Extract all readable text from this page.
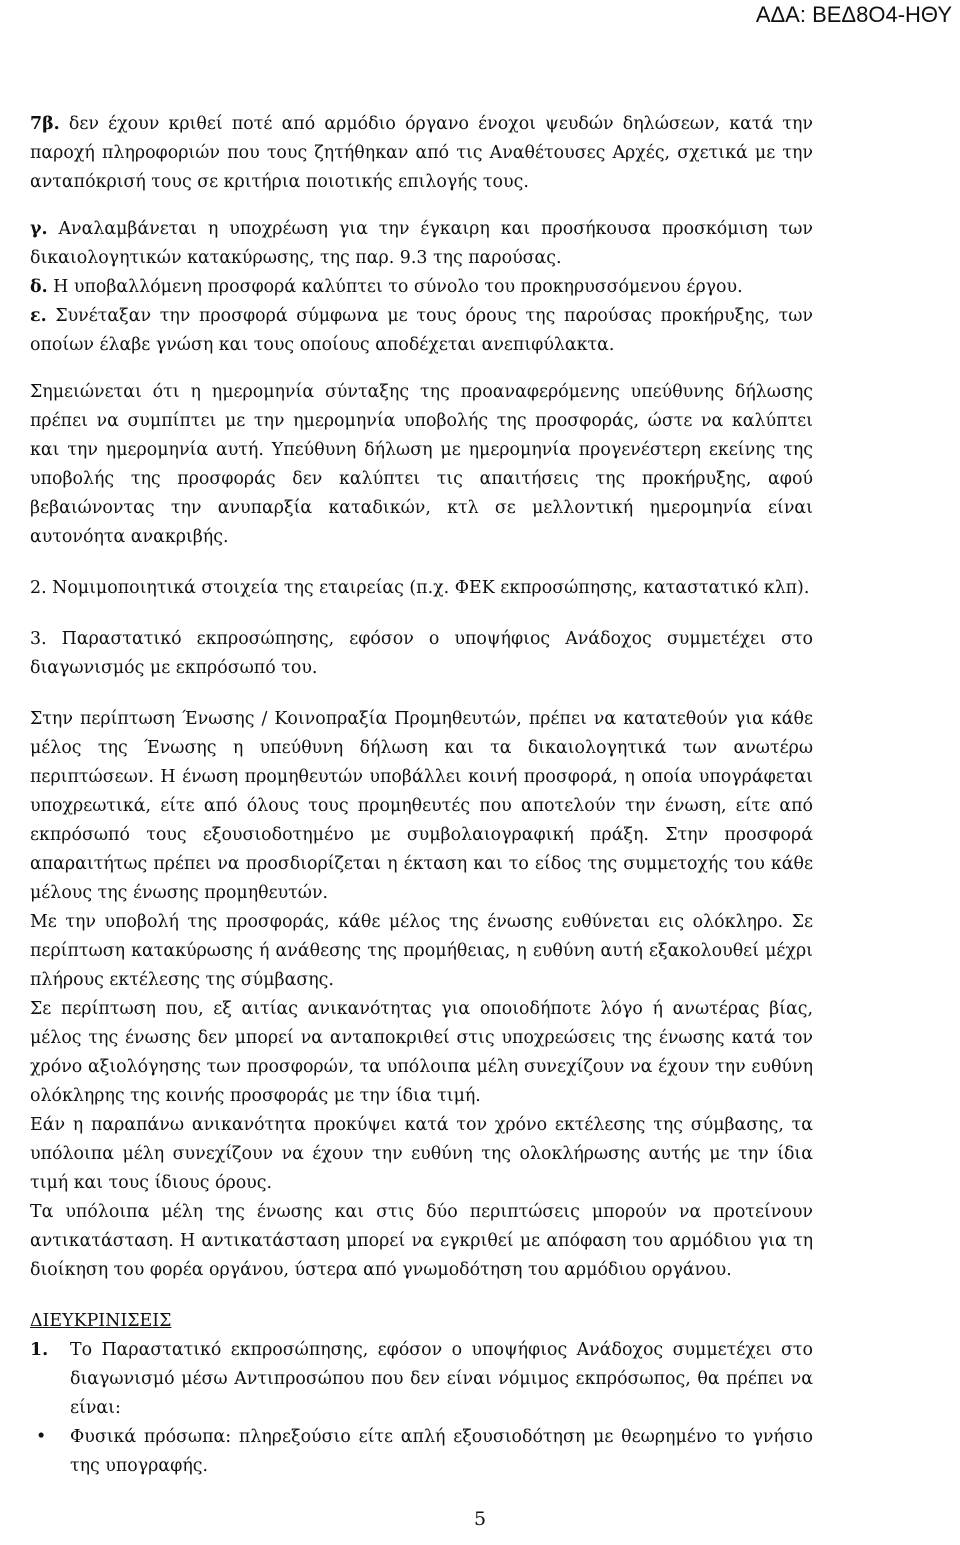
ΑΔΑ: ΒΕΔ8Ο4-ΗΘΥ

7β. δεν έχουν κριθεί ποτέ από αρμόδιο όργανο ένοχοι ψευδών δηλώσεων, κατά την παροχή πληροφοριών που τους ζητήθηκαν από τις Αναθέτουσες Αρχές, σχετικά με την ανταπόκρισή τους σε κριτήρια ποιοτικής επιλογής τους.

γ. Αναλαμβάνεται η υποχρέωση για την έγκαιρη και προσήκουσα προσκόμιση των δικαιολογητικών κατακύρωσης, της παρ. 9.3 της παρούσας.

δ. Η υποβαλλόμενη προσφορά καλύπτει το σύνολο του προκηρυσσόμενου έργου.

ε. Συνέταξαν την προσφορά σύμφωνα με τους όρους της παρούσας προκήρυξης, των οποίων έλαβε γνώση και τους οποίους αποδέχεται ανεπιφύλακτα.

Σημειώνεται ότι η ημερομηνία σύνταξης της προαναφερόμενης υπεύθυνης δήλωσης πρέπει να συμπίπτει με την ημερομηνία υποβολής της προσφοράς, ώστε να καλύπτει και την ημερομηνία αυτή. Υπεύθυνη δήλωση με ημερομηνία προγενέστερη εκείνης της υποβολής της προσφοράς δεν καλύπτει τις απαιτήσεις της προκήρυξης, αφού βεβαιώνοντας την ανυπαρξία καταδικών, κτλ σε μελλοντική ημερομηνία είναι αυτονόητα ανακριβής.

2. Νομιμοποιητικά στοιχεία της εταιρείας (π.χ. ΦΕΚ εκπροσώπησης, καταστατικό κλπ).

3. Παραστατικό εκπροσώπησης, εφόσον ο υποψήφιος Ανάδοχος συμμετέχει στο διαγωνισμός με εκπρόσωπό του.

Στην περίπτωση Ένωσης / Κοινοπραξία Προμηθευτών, πρέπει να κατατεθούν για κάθε μέλος της Ένωσης η υπεύθυνη δήλωση και τα δικαιολογητικά των ανωτέρω περιπτώσεων. Η ένωση προμηθευτών υποβάλλει κοινή προσφορά, η οποία υπογράφεται υποχρεωτικά, είτε από όλους τους προμηθευτές που αποτελούν την ένωση, είτε από εκπρόσωπό τους εξουσιοδοτημένο με συμβολαιογραφική πράξη. Στην προσφορά απαραιτήτως πρέπει να προσδιορίζεται η έκταση και το είδος της συμμετοχής του κάθε μέλους της ένωσης προμηθευτών.

Με την υποβολή της προσφοράς, κάθε μέλος της ένωσης ευθύνεται εις ολόκληρο. Σε περίπτωση κατακύρωσης ή ανάθεσης της προμήθειας, η ευθύνη αυτή εξακολουθεί μέχρι πλήρους εκτέλεσης της σύμβασης.

Σε περίπτωση που, εξ αιτίας ανικανότητας για οποιοδήποτε λόγο ή ανωτέρας βίας, μέλος της ένωσης δεν μπορεί να ανταποκριθεί στις υποχρεώσεις της ένωσης κατά τον χρόνο αξιολόγησης των προσφορών, τα υπόλοιπα μέλη συνεχίζουν να έχουν την ευθύνη ολόκληρης της κοινής προσφοράς με την ίδια τιμή.

Εάν η παραπάνω ανικανότητα προκύψει κατά τον χρόνο εκτέλεσης της σύμβασης, τα υπόλοιπα μέλη συνεχίζουν να έχουν την ευθύνη της ολοκλήρωσης αυτής με την ίδια τιμή και τους ίδιους όρους.

Τα υπόλοιπα μέλη της ένωσης και στις δύο περιπτώσεις μπορούν να προτείνουν αντικατάσταση. Η αντικατάσταση μπορεί να εγκριθεί με απόφαση του αρμόδιου για τη διοίκηση του φορέα οργάνου, ύστερα από γνωμοδότηση του αρμόδιου οργάνου.

ΔΙΕΥΚΡΙΝΙΣΕΙΣ

1. Το Παραστατικό εκπροσώπησης, εφόσον ο υποψήφιος Ανάδοχος συμμετέχει στο διαγωνισμό μέσω Αντιπροσώπου που δεν είναι νόμιμος εκπρόσωπος, θα πρέπει να είναι:
• Φυσικά πρόσωπα: πληρεξούσιο είτε απλή εξουσιοδότηση με θεωρημένο το γνήσιο της υπογραφής.
5
